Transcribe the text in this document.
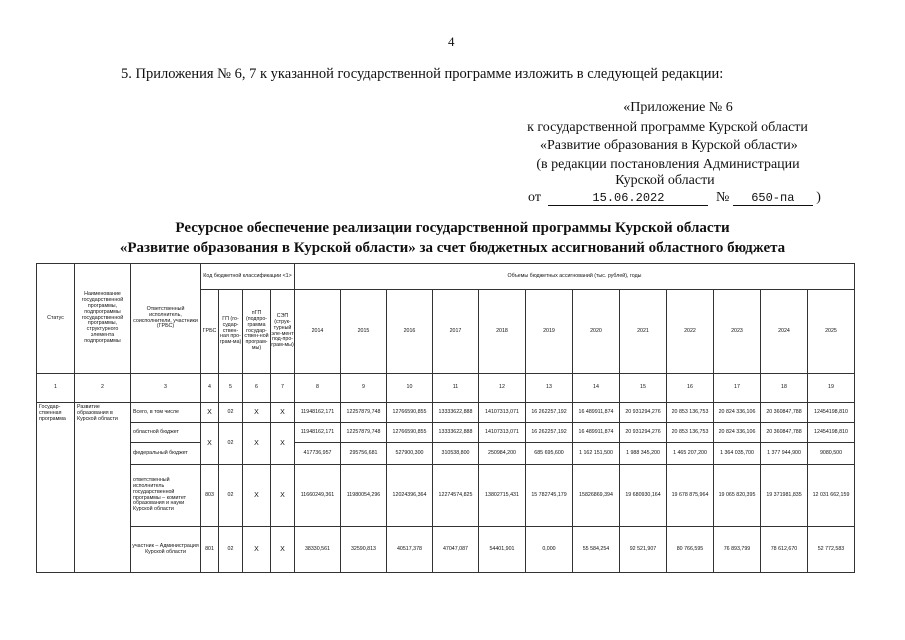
4
5. Приложения № 6, 7 к указанной государственной программе изложить в следующей редакции:
«Приложение № 6
к государственной программе Курской области
«Развитие образования в Курской области»
(в редакции постановления Администрации
Курской области
от	15.06.2022	№ 650-па )
Ресурсное обеспечение реализации государственной программы Курской области
«Развитие образования в Курской области» за счет бюджетных ассигнований областного бюджета
Статус	Наименование государственной программы, подпрограммы государственной программы, структурного элемента подпрограммы	Ответственный исполнитель, соисполнители, участники (ГРБС)	Код бюджетной классификации <1>				Объемы бюджетных ассигнований (тыс. рублей), годы											
			ГРБС	ГП (го-судар-ствен-ная про-грам-ма)	пГП (подпро-грамма государ-ствен-ной програм-мы)	СЭП (струк-турный эле-мент под-про-грам-мы)	2014	2015	2016	2017	2018	2019	2020	2021	2022	2023	2024	2025
1	2	3	4	5	6	7	8	9	10	11	12	13	14	15	16	17	18	19
Государ-ственная программа	Развитие образования в Курской области	Всего, в том числе	Х	02	Х	Х	11948162,171	12257879,748	12766590,855	13333622,888	14107313,071	16 262257,192	16 489911,874	20 931294,276	20 853 136,753	20 824 336,106	20 360847,788	12454198,810
		областной бюджет	Х	02	Х	Х	11948162,171	12257879,748	12766590,855	13333622,888	14107313,071	16 262257,192	16 489911,874	20 931294,276	20 853 136,753	20 824 336,106	20 360847,788	12454198,810
		федеральный бюджет					417736,957	295756,681	527900,300	310538,800	250984,200	685 695,600	1 162 151,500	1 988 345,200	1 465 207,200	1 364 035,700	1 377 944,900	9080,500
		ответственный исполнитель государственной программы – комитет образования и науки Курской области	803	02	Х	Х	11660249,361	11980054,296	12024396,364	12274574,825	13802715,431	15 782745,179	15826869,394	19 680930,164	19 678 875,964	19 065 820,395	19 371981,835	12 031 662,159
		участник – Администрация Курской области	801	02	Х	Х	38330,561	32590,813	40517,378	47047,087	54401,901	0,000	55 584,254	92 521,907	80 766,595	76 893,799	78 612,670	52 772,583
